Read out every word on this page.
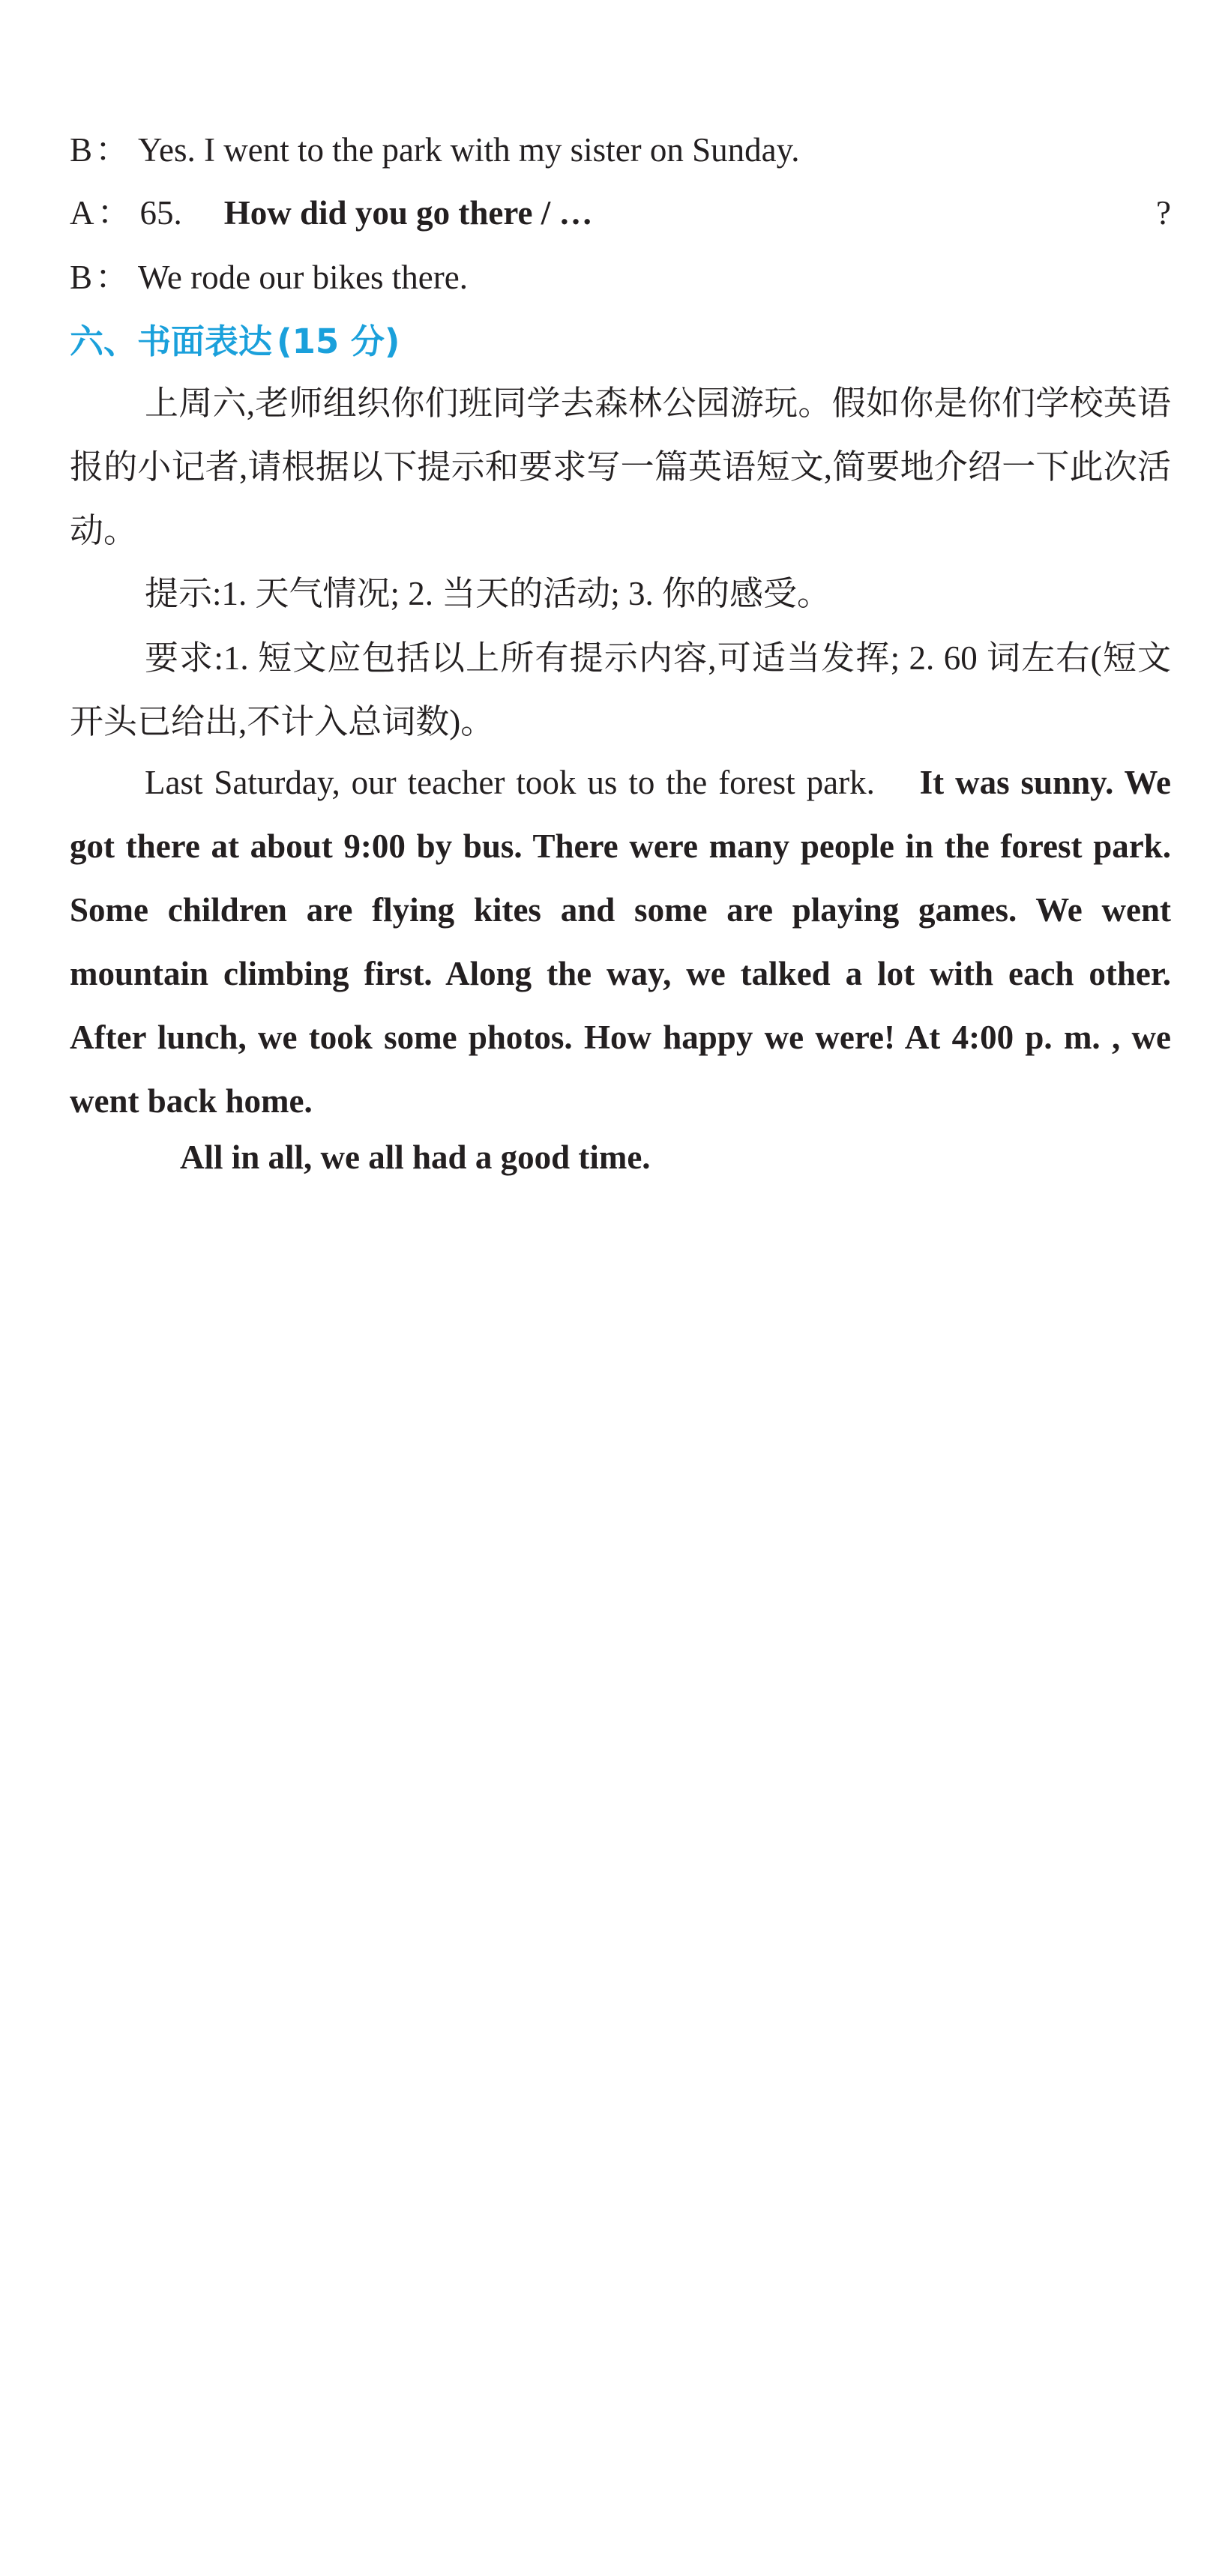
B： Yes. I went to the park with my sister on Sunday.
A： 65. How did you go there / …	?
B： We rode our bikes there.
六、书面表达 (15 分)
上周六,老师组织你们班同学去森林公园游玩。假如你是你们学校英语报的小记者,请根据以下提示和要求写一篇英语短文,简要地介绍一下此次活动。
提示:1. 天气情况; 2. 当天的活动; 3. 你的感受。
要求:1. 短文应包括以上所有提示内容,可适当发挥; 2. 60 词左右(短文开头已给出,不计入总词数)。
Last Saturday, our teacher took us to the forest park. It was sunny. We got there at about 9:00 by bus. There were many people in the forest park. Some children are flying kites and some are playing games. We went mountain climbing first. Along the way, we talked a lot with each other. After lunch, we took some photos. How happy we were! At 4:00 p. m. , we went back home.
All in all, we all had a good time.
